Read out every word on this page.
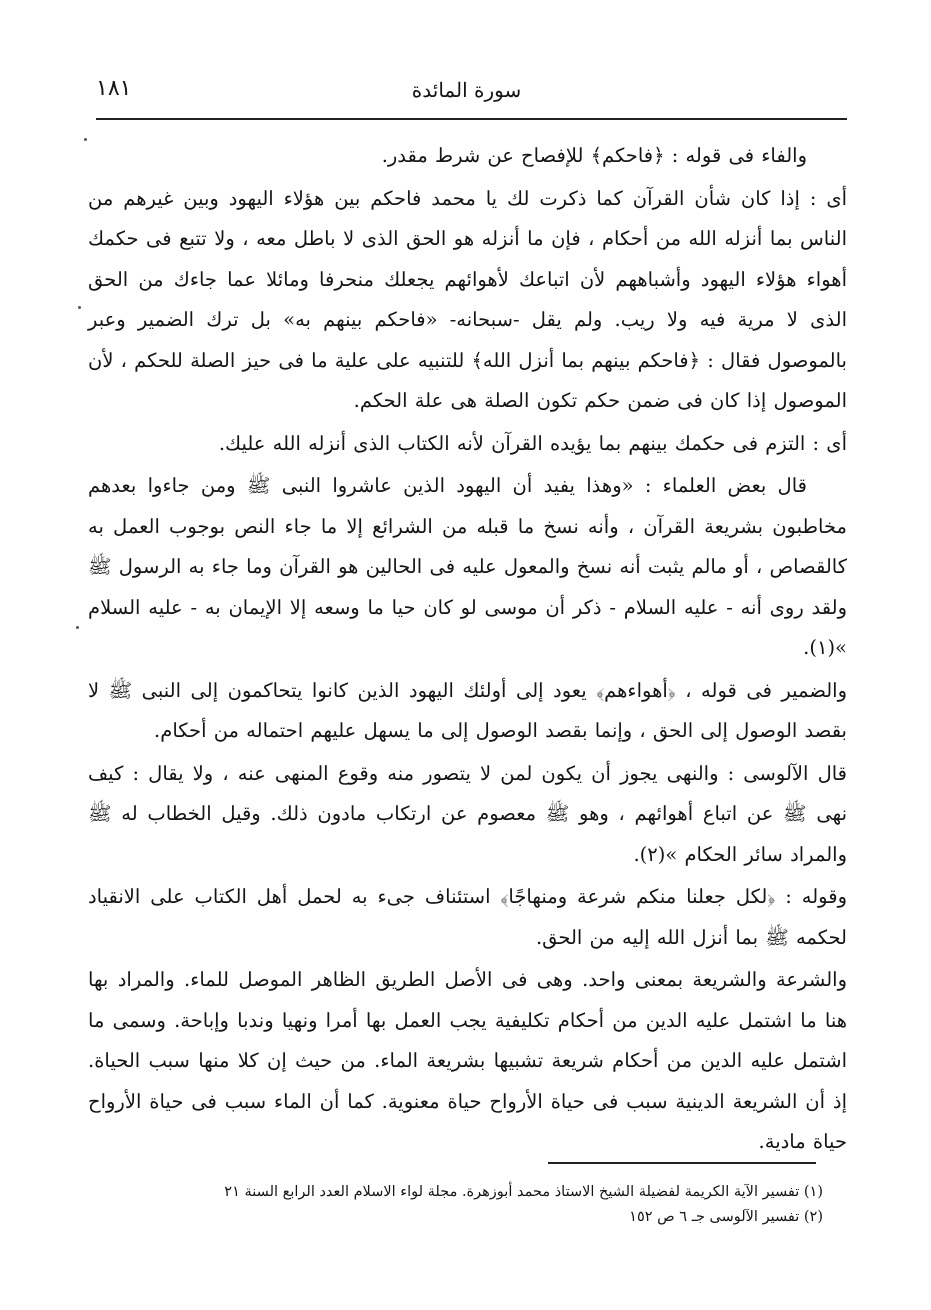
سورة المائدة
١٨١

والفاء فى قوله : ﴿فاحكم﴾ للإفصاح عن شرط مقدر.

أى : إذا كان شأن القرآن كما ذكرت لك يا محمد فاحكم بين هؤلاء اليهود وبين غيرهم من الناس بما أنزله الله من أحكام ، فإن ما أنزله هو الحق الذى لا باطل معه ، ولا تتبع فى حكمك أهواء هؤلاء اليهود وأشباههم لأن اتباعك لأهوائهم يجعلك منحرفا ومائلا عما جاءك من الحق الذى لا مرية فيه ولا ريب. ولم يقل -سبحانه- «فاحكم بينهم به» بل ترك الضمير وعبر بالموصول فقال : ﴿فاحكم بينهم بما أنزل الله﴾ للتنبيه على علية ما فى حيز الصلة للحكم ، لأن الموصول إذا كان فى ضمن حكم تكون الصلة هى علة الحكم.

أى : التزم فى حكمك بينهم بما يؤيده القرآن لأنه الكتاب الذى أنزله الله عليك.

قال بعض العلماء : «وهذا يفيد أن اليهود الذين عاشروا النبى ﷺ ومن جاءوا بعدهم مخاطبون بشريعة القرآن ، وأنه نسخ ما قبله من الشرائع إلا ما جاء النص بوجوب العمل به كالقصاص ، أو مالم يثبت أنه نسخ والمعول عليه فى الحالين هو القرآن وما جاء به الرسول ﷺ ولقد روى أنه - عليه السلام - ذكر أن موسى لو كان حيا ما وسعه إلا الإيمان به - عليه السلام »(١).

والضمير فى قوله ، ﴿أهواءهم﴾ يعود إلى أولئك اليهود الذين كانوا يتحاكمون إلى النبى ﷺ لا بقصد الوصول إلى الحق ، وإنما بقصد الوصول إلى ما يسهل عليهم احتماله من أحكام.

قال الآلوسى : والنهى يجوز أن يكون لمن لا يتصور منه وقوع المنهى عنه ، ولا يقال : كيف نهى ﷺ عن اتباع أهوائهم ، وهو ﷺ معصوم عن ارتكاب مادون ذلك. وقيل الخطاب له ﷺ والمراد سائر الحكام »(٢).

وقوله : ﴿لكل جعلنا منكم شرعة ومنهاجًا﴾ استئناف جىء به لحمل أهل الكتاب على الانقياد لحكمه ﷺ بما أنزل الله إليه من الحق.

والشرعة والشريعة بمعنى واحد. وهى فى الأصل الطريق الظاهر الموصل للماء. والمراد بها هنا ما اشتمل عليه الدين من أحكام تكليفية يجب العمل بها أمرا ونهيا وندبا وإباحة. وسمى ما اشتمل عليه الدين من أحكام شريعة تشبيها بشريعة الماء. من حيث إن كلا منها سبب الحياة. إذ أن الشريعة الدينية سبب فى حياة الأرواح حياة معنوية. كما أن الماء سبب فى حياة الأرواح حياة مادية.

(١) تفسير الآية الكريمة لفضيلة الشيخ الاستاذ محمد أبوزهرة. مجلة لواء الاسلام العدد الرابع السنة ٢١
(٢) تفسير الآلوسى جـ ٦ ص ١٥٢
